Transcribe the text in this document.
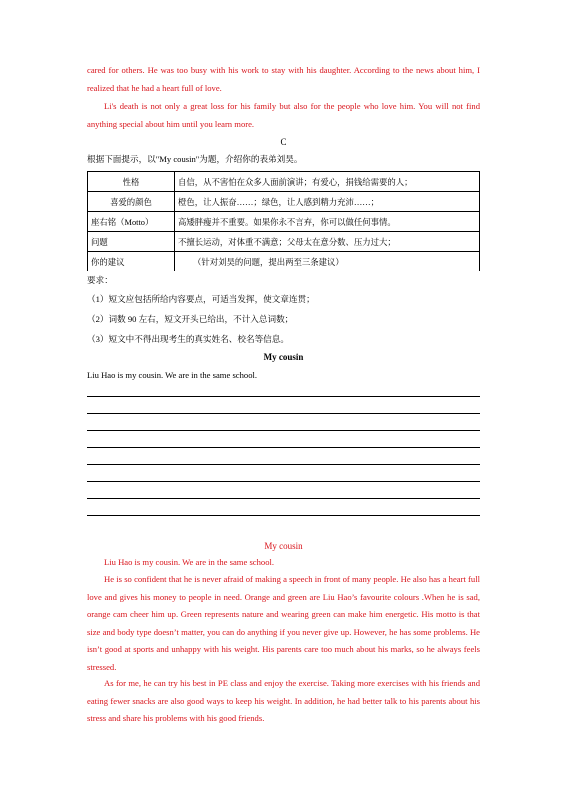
cared for others. He was too busy with his work to stay with his daughter. According to the news about him, I realized that he had a heart full of love.

Li's death is not only a great loss for his family but also for the people who love him. You will not find anything special about him until you learn more.

C
根据下面提示，以"My cousin"为题，介绍你的表弟刘昊。
性格	自信，从不害怕在众多人面前演讲；有爱心，捐钱给需要的人；
喜爱的颜色	橙色，让人振奋……；绿色，让人感到精力充沛……；
座右铭（Motto）	高矮胖瘦并不重要。如果你永不言弃，你可以做任何事情。
问题	不擅长运动，对体重不满意；父母太在意分数、压力过大；
你的建议	（针对刘昊的问题，提出两至三条建议）
要求：
（1）短文应包括所给内容要点，可适当发挥，使文章连贯；
（2）词数 90 左右，短文开头已给出，不计入总词数；
（3）短文中不得出现考生的真实姓名、校名等信息。
My cousin
Liu Hao is my cousin. We are in the same school.
My cousin

Liu Hao is my cousin. We are in the same school.

He is so confident that he is never afraid of making a speech in front of many people. He also has a heart full love and gives his money to people in need. Orange and green are Liu Hao’s favourite colours .When he is sad, orange cam cheer him up. Green represents nature and wearing green can make him energetic. His motto is that size and body type doesn’t matter, you can do anything if you never give up. However, he has some problems. He isn’t good at sports and unhappy with his weight. His parents care too much about his marks, so he always feels stressed.

As for me, he can try his best in PE class and enjoy the exercise. Taking more exercises with his friends and eating fewer snacks are also good ways to keep his weight. In addition, he had better talk to his parents about his stress and share his problems with his good friends.
